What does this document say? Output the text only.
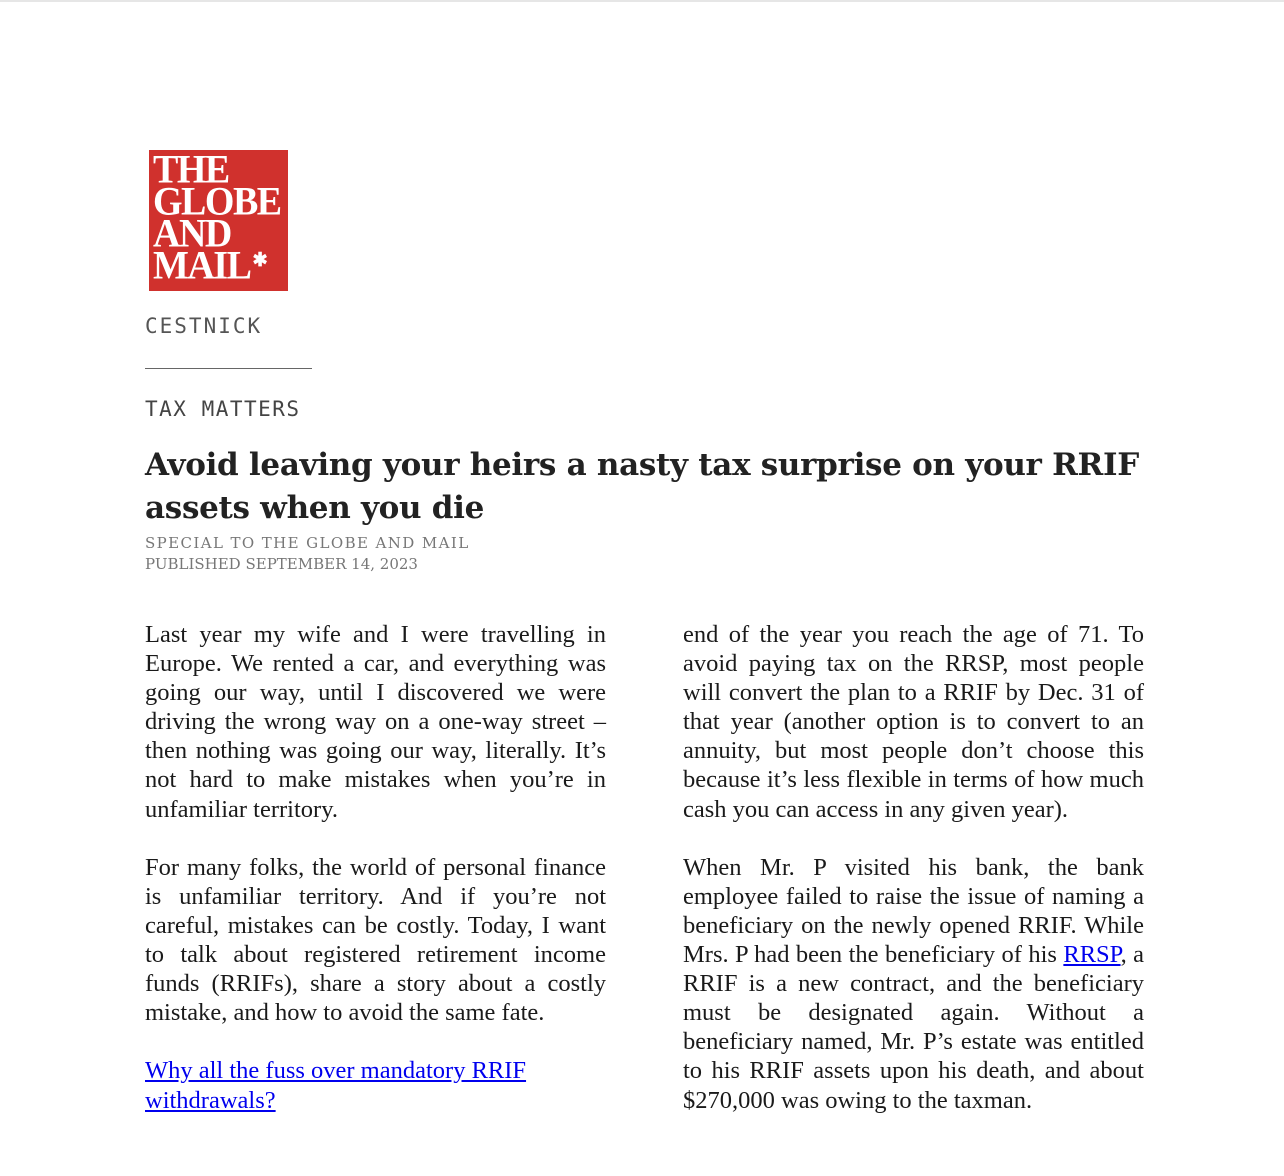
THE
GLOBE
AND
MAIL ✱
CESTNICK
TAX MATTERS
Avoid leaving your heirs a nasty tax surprise on your RRIF assets when you die
SPECIAL TO THE GLOBE AND MAIL
PUBLISHED SEPTEMBER 14, 2023

Last year my wife and I were travelling in Europe. We rented a car, and everything was going our way, until I discovered we were driving the wrong way on a one-way street – then nothing was going our way, literally. It’s not hard to make mistakes when you’re in unfamiliar territory.

For many folks, the world of personal finance is unfamiliar territory. And if you’re not careful, mistakes can be costly. Today, I want to talk about registered retirement income funds (RRIFs), share a story about a costly mistake, and how to avoid the same fate.

Why all the fuss over mandatory RRIF withdrawals?

end of the year you reach the age of 71. To avoid paying tax on the RRSP, most people will convert the plan to a RRIF by Dec. 31 of that year (another option is to convert to an annuity, but most people don’t choose this because it’s less flexible in terms of how much cash you can access in any given year).

When Mr. P visited his bank, the bank employee failed to raise the issue of naming a beneficiary on the newly opened RRIF. While Mrs. P had been the beneficiary of his RRSP, a RRIF is a new contract, and the beneficiary must be designated again. Without a beneficiary named, Mr. P’s estate was entitled to his RRIF assets upon his death, and about $270,000 was owing to the taxman.
